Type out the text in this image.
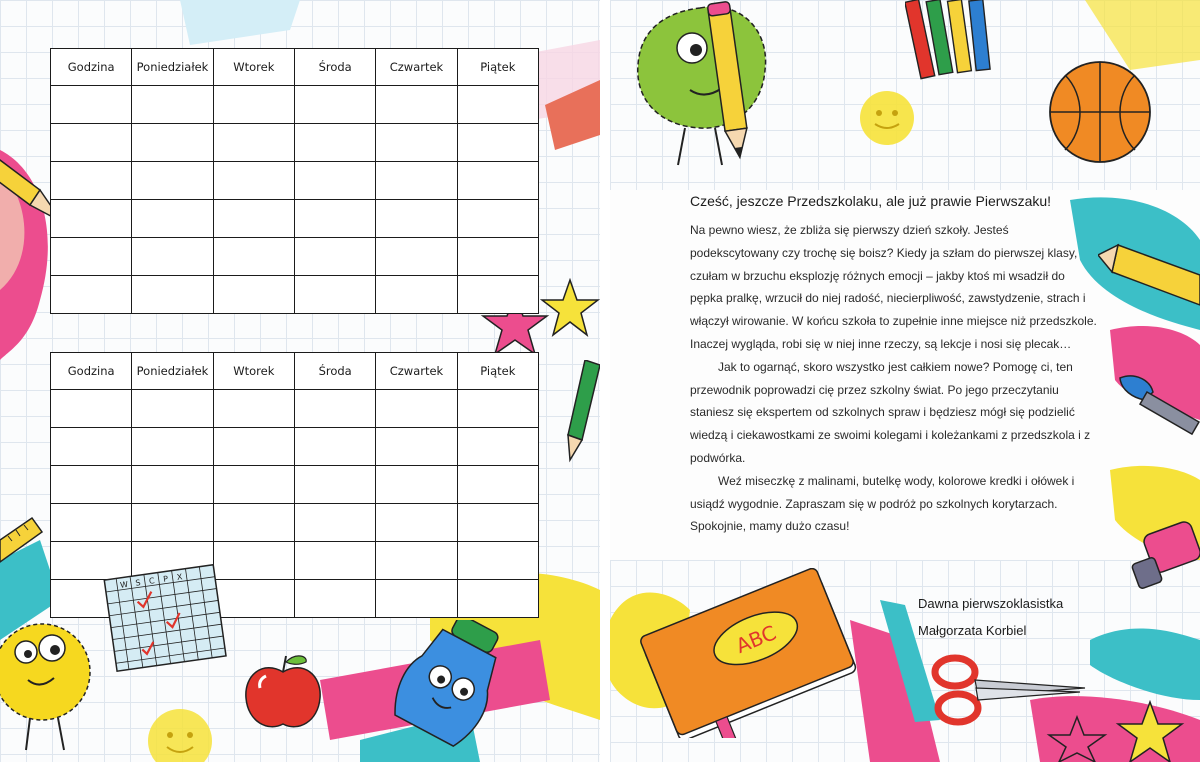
Godzina	Poniedziałek	Wtorek	Środa	Czwartek	Piątek

Godzina	Poniedziałek	Wtorek	Środa	Czwartek	Piątek

W S C P X

Cześć, jeszcze Przedszkolaku, ale już prawie Pierwszaku!

Na pewno wiesz, że zbliża się pierwszy dzień szkoły. Jesteś podekscytowany czy trochę się boisz? Kiedy ja szłam do pierwszej klasy, czułam w brzuchu eksplozję różnych emocji – jakby ktoś mi wsadził do pępka pralkę, wrzucił do niej radość, niecierpliwość, zawstydzenie, strach i włączył wirowanie. W końcu szkoła to zupełnie inne miejsce niż przedszkole. Inaczej wygląda, robi się w niej inne rzeczy, są lekcje i nosi się plecak…

Jak to ogarnąć, skoro wszystko jest całkiem nowe? Pomogę ci, ten przewodnik poprowadzi cię przez szkolny świat. Po jego przeczytaniu staniesz się ekspertem od szkolnych spraw i będziesz mógł się podzielić wiedzą i ciekawostkami ze swoimi kolegami i koleżankami z przedszkola i z podwórka.

Weź miseczkę z malinami, butelkę wody, kolorowe kredki i ołówek i usiądź wygodnie. Zapraszam się w podróż po szkolnych korytarzach. Spokojnie, mamy dużo czasu!

ABC
Dawna pierwszoklasistka
Małgorzata Korbiel
